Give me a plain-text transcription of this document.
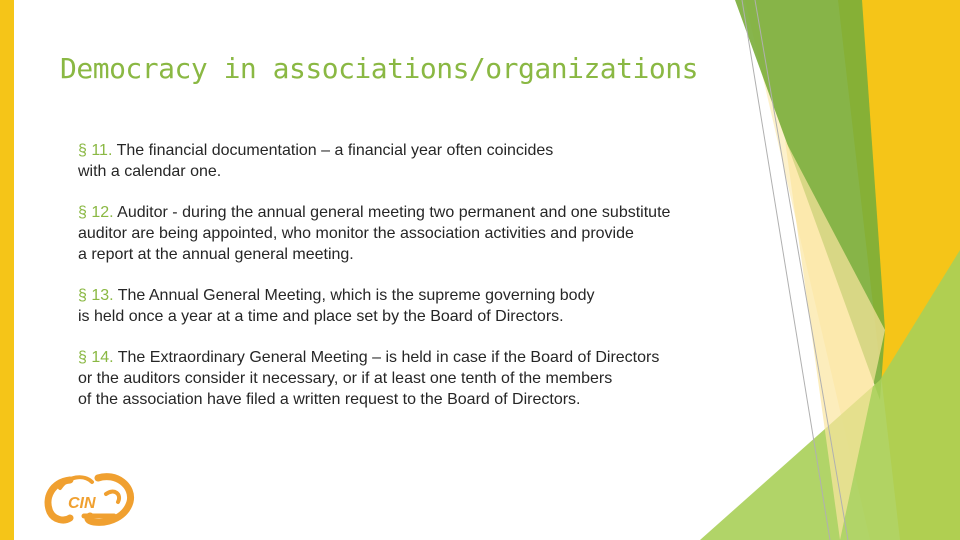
Democracy in associations/organizations

§ 11. The financial documentation – a financial year often coincides
with a calendar one.

§ 12. Auditor - during the annual general meeting two permanent and one substitute
auditor are being appointed, who monitor the association activities and provide
a report at the annual general meeting.

§ 13. The Annual General Meeting, which is the supreme governing body
is held once a year at a time and place set by the Board of Directors.

§ 14. The Extraordinary General Meeting – is held in case if the Board of Directors
or the auditors consider it necessary, or if at least one tenth of the members
of the association have filed a written request to the Board of Directors.

CIN
